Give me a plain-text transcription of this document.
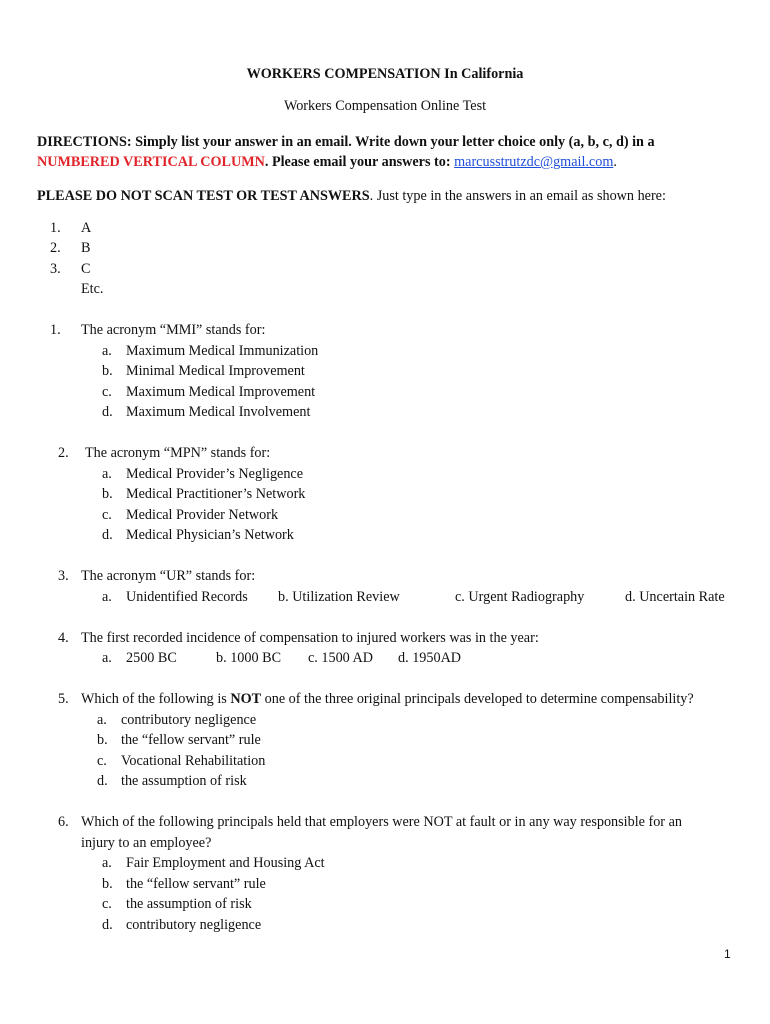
WORKERS COMPENSATION In California
Workers Compensation Online Test
DIRECTIONS: Simply list your answer in an email. Write down your letter choice only (a, b, c, d) in a
NUMBERED VERTICAL COLUMN. Please email your answers to: marcusstrutzdc@gmail.com.
PLEASE DO NOT SCAN TEST OR TEST ANSWERS. Just type in the answers in an email as shown here:
1. A
2. B
3. C
Etc.
1. The acronym “MMI” stands for:
a. Maximum Medical Immunization
b. Minimal Medical Improvement
c. Maximum Medical Improvement
d. Maximum Medical Involvement
2. The acronym “MPN” stands for:
a. Medical Provider’s Negligence
b. Medical Practitioner’s Network
c. Medical Provider Network
d. Medical Physician’s Network
3. The acronym “UR” stands for:
a. Unidentified Records b. Utilization Review	c. Urgent Radiography	d. Uncertain Rate
4. The first recorded incidence of compensation to injured workers was in the year:
a. 2500 BC	b. 1000 BC c. 1500 AD d. 1950AD
5. Which of the following is NOT one of the three original principals developed to determine compensability?
a. contributory negligence
b. the “fellow servant” rule
c. Vocational Rehabilitation
d. the assumption of risk
6. Which of the following principals held that employers were NOT at fault or in any way responsible for an
injury to an employee?
a. Fair Employment and Housing Act
b. the “fellow servant” rule
c. the assumption of risk
d. contributory negligence
1
